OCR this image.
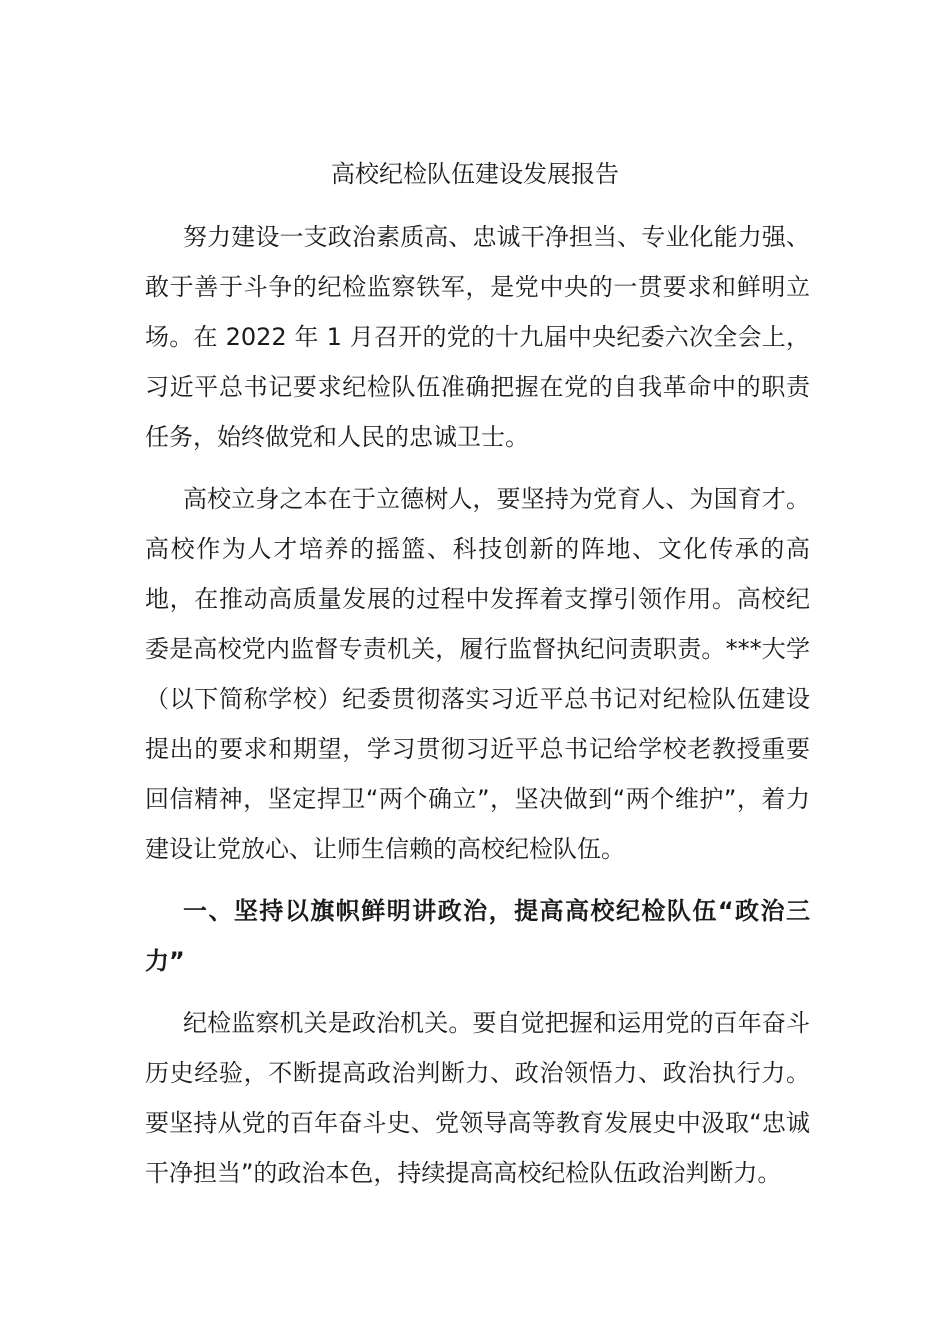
高校纪检队伍建设发展报告

努力建设一支政治素质高、忠诚干净担当、专业化能力强、敢于善于斗争的纪检监察铁军，是党中央的一贯要求和鲜明立场。在 2022 年 1 月召开的党的十九届中央纪委六次全会上，习近平总书记要求纪检队伍准确把握在党的自我革命中的职责任务，始终做党和人民的忠诚卫士。

高校立身之本在于立德树人，要坚持为党育人、为国育才。高校作为人才培养的摇篮、科技创新的阵地、文化传承的高地，在推动高质量发展的过程中发挥着支撑引领作用。高校纪委是高校党内监督专责机关，履行监督执纪问责职责。***大学（以下简称学校）纪委贯彻落实习近平总书记对纪检队伍建设提出的要求和期望，学习贯彻习近平总书记给学校老教授重要回信精神，坚定捍卫“两个确立”，坚决做到“两个维护”，着力建设让党放心、让师生信赖的高校纪检队伍。

一、坚持以旗帜鲜明讲政治，提高高校纪检队伍“政治三力”

纪检监察机关是政治机关。要自觉把握和运用党的百年奋斗历史经验，不断提高政治判断力、政治领悟力、政治执行力。要坚持从党的百年奋斗史、党领导高等教育发展史中汲取“忠诚干净担当”的政治本色，持续提高高校纪检队伍政治判断力。
